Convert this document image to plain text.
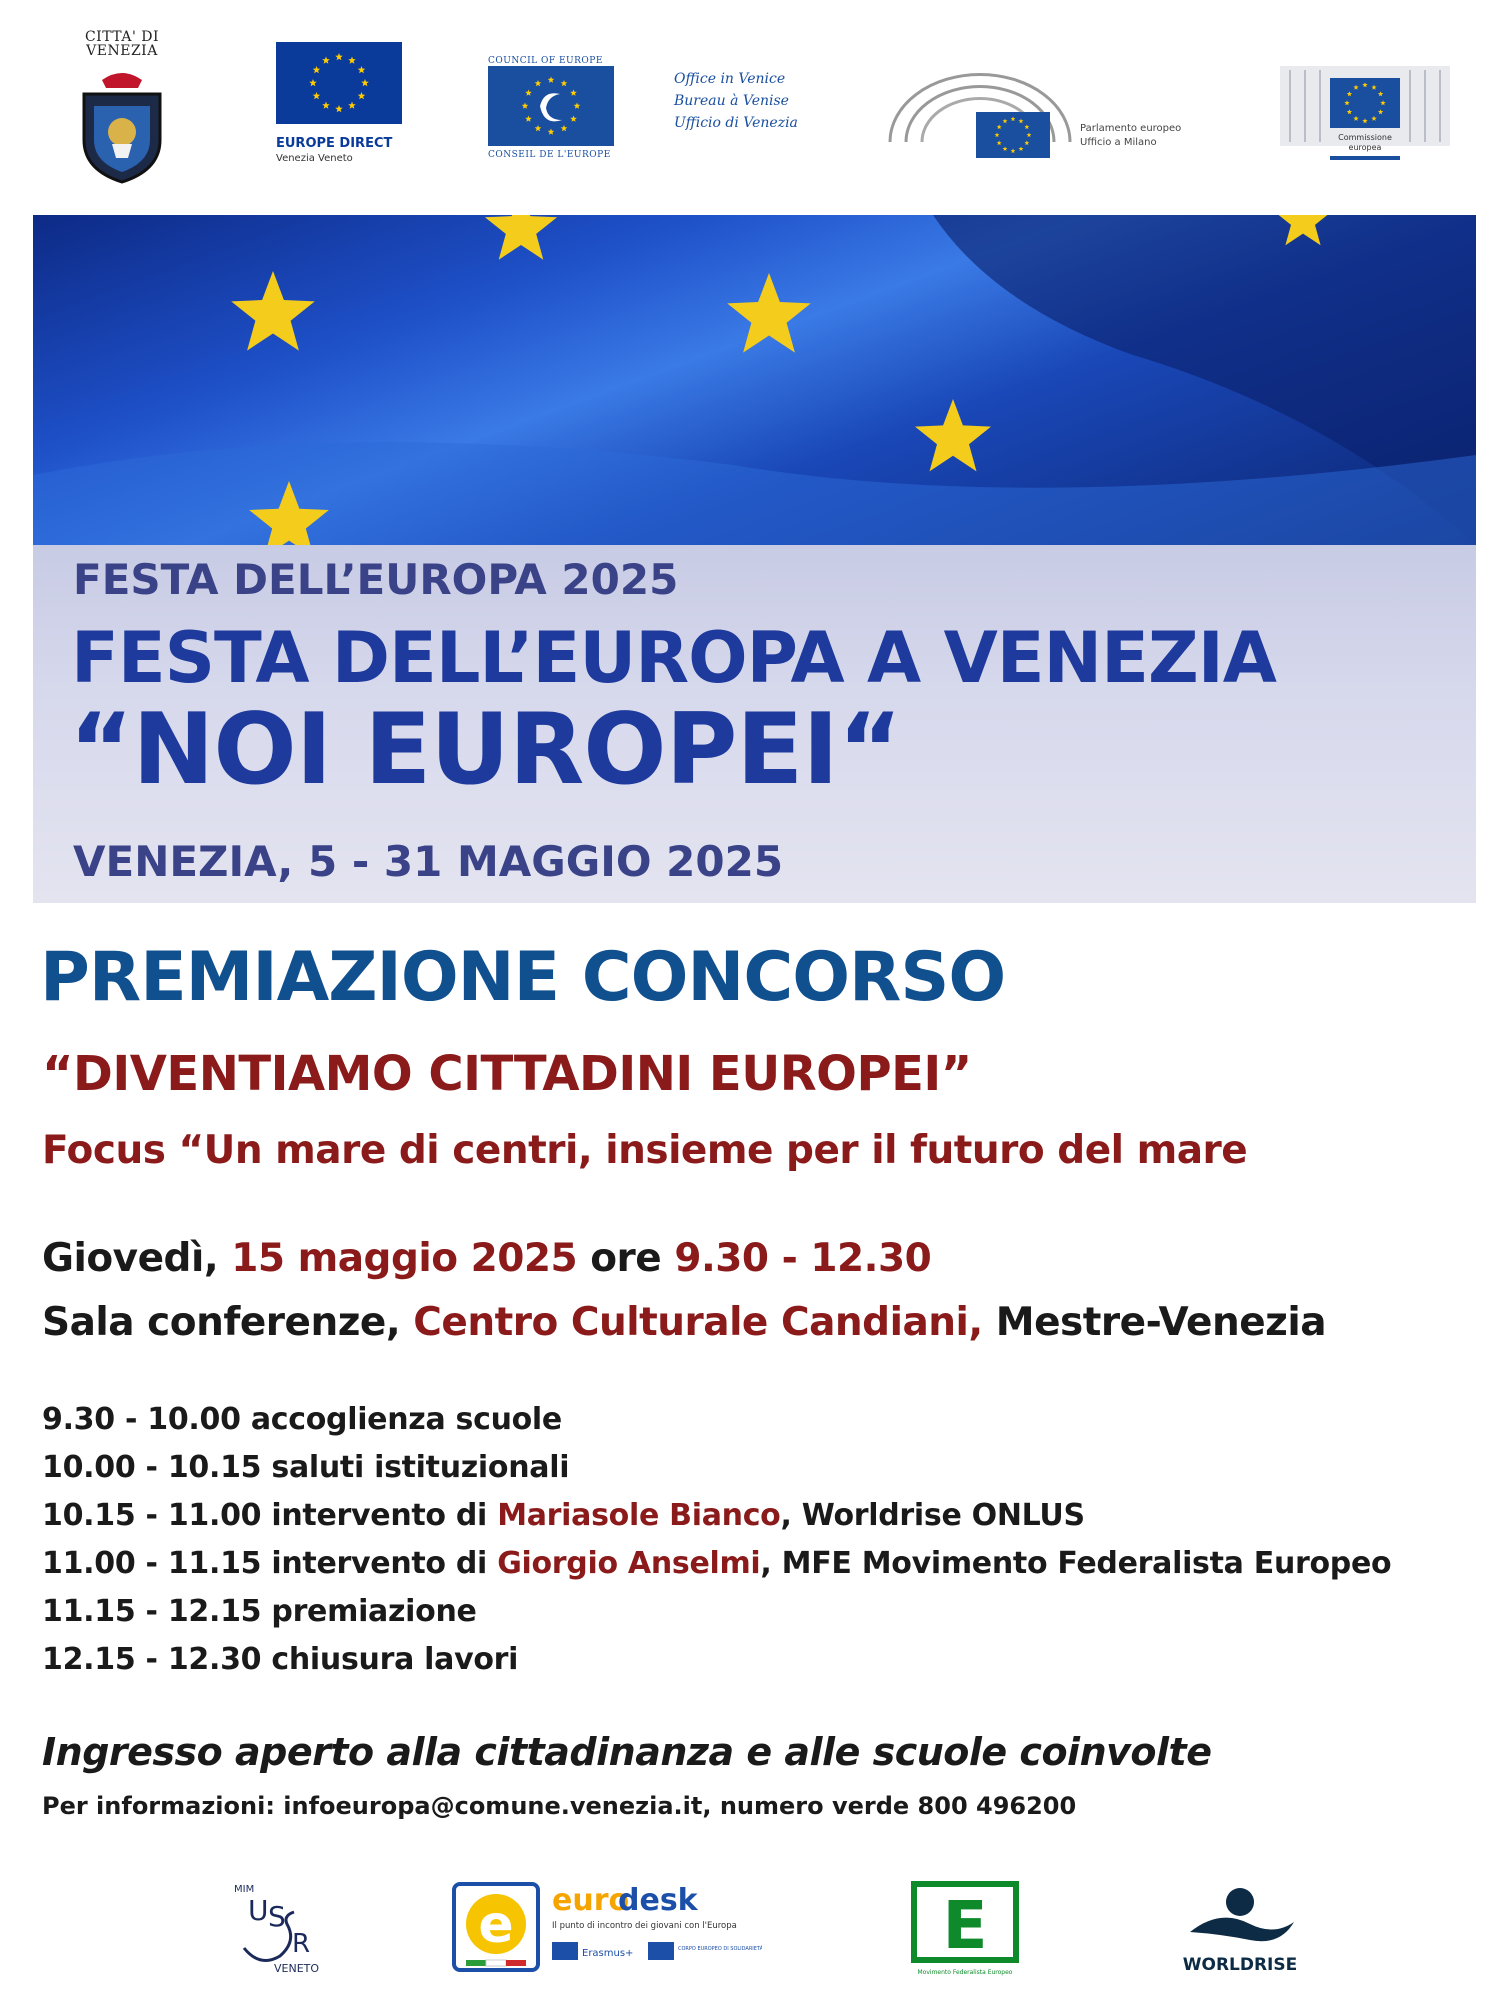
CITTA' DI VENEZIA
EUROPE DIRECT
Venezia Veneto
COUNCIL OF EUROPE
CONSEIL DE L'EUROPE
Office in Venice
Bureau à Venise
Ufficio di Venezia	Parlamento europeo
Ufficio a Milano	Commissione
europea
FESTA DELL’EUROPA 2025
FESTA DELL’EUROPA A VENEZIA
“NOI EUROPEI“
VENEZIA, 5 - 31 MAGGIO 2025
PREMIAZIONE CONCORSO
“DIVENTIAMO CITTADINI EUROPEI”
Focus “Un mare di centri, insieme per il futuro del mare
Giovedì, 15 maggio 2025 ore 9.30 - 12.30
Sala conferenze, Centro Culturale Candiani, Mestre-Venezia
9.30 - 10.00 accoglienza scuole
10.00 - 10.15 saluti istituzionali
10.15 - 11.00 intervento di Mariasole Bianco, Worldrise ONLUS
11.00 - 11.15 intervento di Giorgio Anselmi, MFE Movimento Federalista Europeo
11.15 - 12.15 premiazione
12.15 - 12.30 chiusura lavori
Ingresso aperto alla cittadinanza e alle scuole coinvolte
Per informazioni: infoeuropa@comune.venezia.it, numero verde 800 496200
MIM
U S
R
VENETO
e euro
desk
Il punto di incontro dei giovani con l'Europa
Erasmus+	CORPO EUROPEO DI SOLIDARIETÀ	E
Movimento Federalista Europeo	WORLDRISE
